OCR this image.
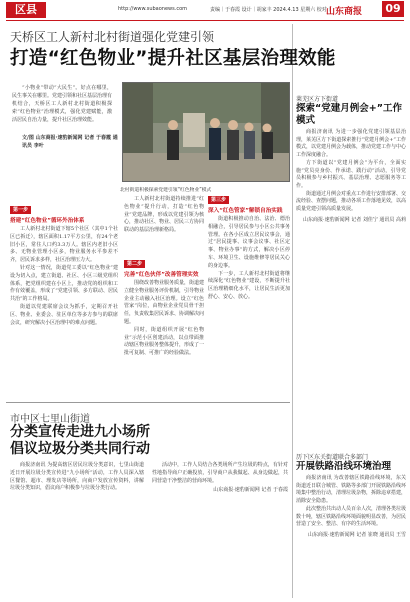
区县	http://www.subaonews.com	责编｜于春霞 设计｜胡家丰 2024.4.13 星期六 校对｜
山东商报	09
天桥区工人新村北村街道强化党建引领
打造“红色物业”提升社区基层治理效能
“小物业”带动“大民生”。好点在哪里，民生事关在哪里。党建引领和社区基层治理有机结合，天桥区工人新村北村街道积极探索“红色物业”治理模式，强化党建赋能，激活居民自治力量，提升社区治理效能。
文/图 山东商报·速豹新闻网 记者 于春霞 通讯员 李叶
北村街道积极探索党建引领“红色物业”模式
第一步
搭建“红色物业”循环外治体系

工人新村北村街道下辖5个社区（其中1个社区已拆迁），辖区面积1.17平方公里，有24个老旧小区，常住人口约3.3万人。辖区内老旧小区多、无物业管理小区多，物业服务水平参差不齐，居民诉求多样，社区治理压力大。

针对这一情况，街道党工委以“红色物业”建设为切入点，建立街道、社区、小区三级党组织体系，把党组织建在小区上，推动党的组织和工作有效覆盖，形成了“党建引领、多方联动、居民共治”的工作格局。

街道以党建联席会议为抓手，定期召开社区、物业、业委会、驻区单位等多方参与的联席会议，研究解决小区治理中的难点问题。

工人新村北村街道持续推进“红色物业”提升行动，打造“红色物业”党建品牌，形成以党建引领为核心，推动社区、物业、居民三方协同联动的基层治理新格局。

第二步
完善“红色伙伴”改善管理实效

围绕改善物业服务质量，街道建立健全物业服务评价机制，引导物业企业主动融入社区治理。设立“红色管家”岗位，由物业企业党员骨干担任，负责收集居民诉求、协调解决问题。

同时，街道组织开展“红色物业”示范小区创建活动，以点带面推动辖区物业服务整体提升，形成了一批可复制、可推广的经验做法。

第三步
深入“红色管家”解锁自治实践

街道积极推动自治、法治、德治相融合，引导居民参与小区公共事务管理。在各小区成立居民议事会，通过“居民提事、议事会议事、社区定事、物业办事”的方式，解决小区停车、环境卫生、设施维修等居民关心的身边事。

下一步，工人新村北村街道将继续深化“红色物业”建设，不断提升社区治理精细化水平，让居民生活更加舒心、安心、放心。

莱芜区方下街道
探索“党建月例会+”工作模式

商报济南讯 为进一步强化党建引领基层治理，莱芜区方下街道探索推行“党建月例会+”工作模式，以党建月例会为载体，推动党建工作与中心工作深度融合。

方下街道以“党建月例会”为平台，全面实施“党员亮身份、作承诺、践行动”活动，引导党员积极参与乡村振兴、基层治理、志愿服务等工作。

街道通过月例会对重点工作进行安排部署、交流经验、查摆问题，推动各项工作落地见效，以高质量党建引领高质量发展。

山东商报·速豹新闻网 记者 刘佳宁 通讯员 高莉
历下区东关街道联合多部门
开展铁路沿线环境治理

商报济南讯 为改善辖区铁路沿线环境，东关街道近日联合城管、铁路等多部门开展铁路沿线环境集中整治行动，清理垃圾杂物，拆除违章搭建，消除安全隐患。

此次整治共出动人员百余人次，清理各类垃圾数十吨，辖区铁路沿线环境面貌明显改善，为居民营造了安全、整洁、有序的生活环境。

山东商报·速豹新闻网 记者 崔晓 通讯员 王雪
市中区七里山街道
分类宣传走进九小场所
倡议垃圾分类共同行动

商报济南讯 为提高辖区居民垃圾分类意识，七里山街道近日开展垃圾分类宣传进“九小场所”活动，工作人员深入辖区餐馆、超市、理发店等场所，向商户发放宣传资料，讲解垃圾分类知识，倡议商户积极参与垃圾分类行动。

活动中，工作人员结合各类场所产生垃圾的特点，有针对性地指导商户正确投放，引导商户从我做起、从身边做起，共同营造干净整洁的营商环境。

山东商报·速豹新闻网 记者 于春霞
